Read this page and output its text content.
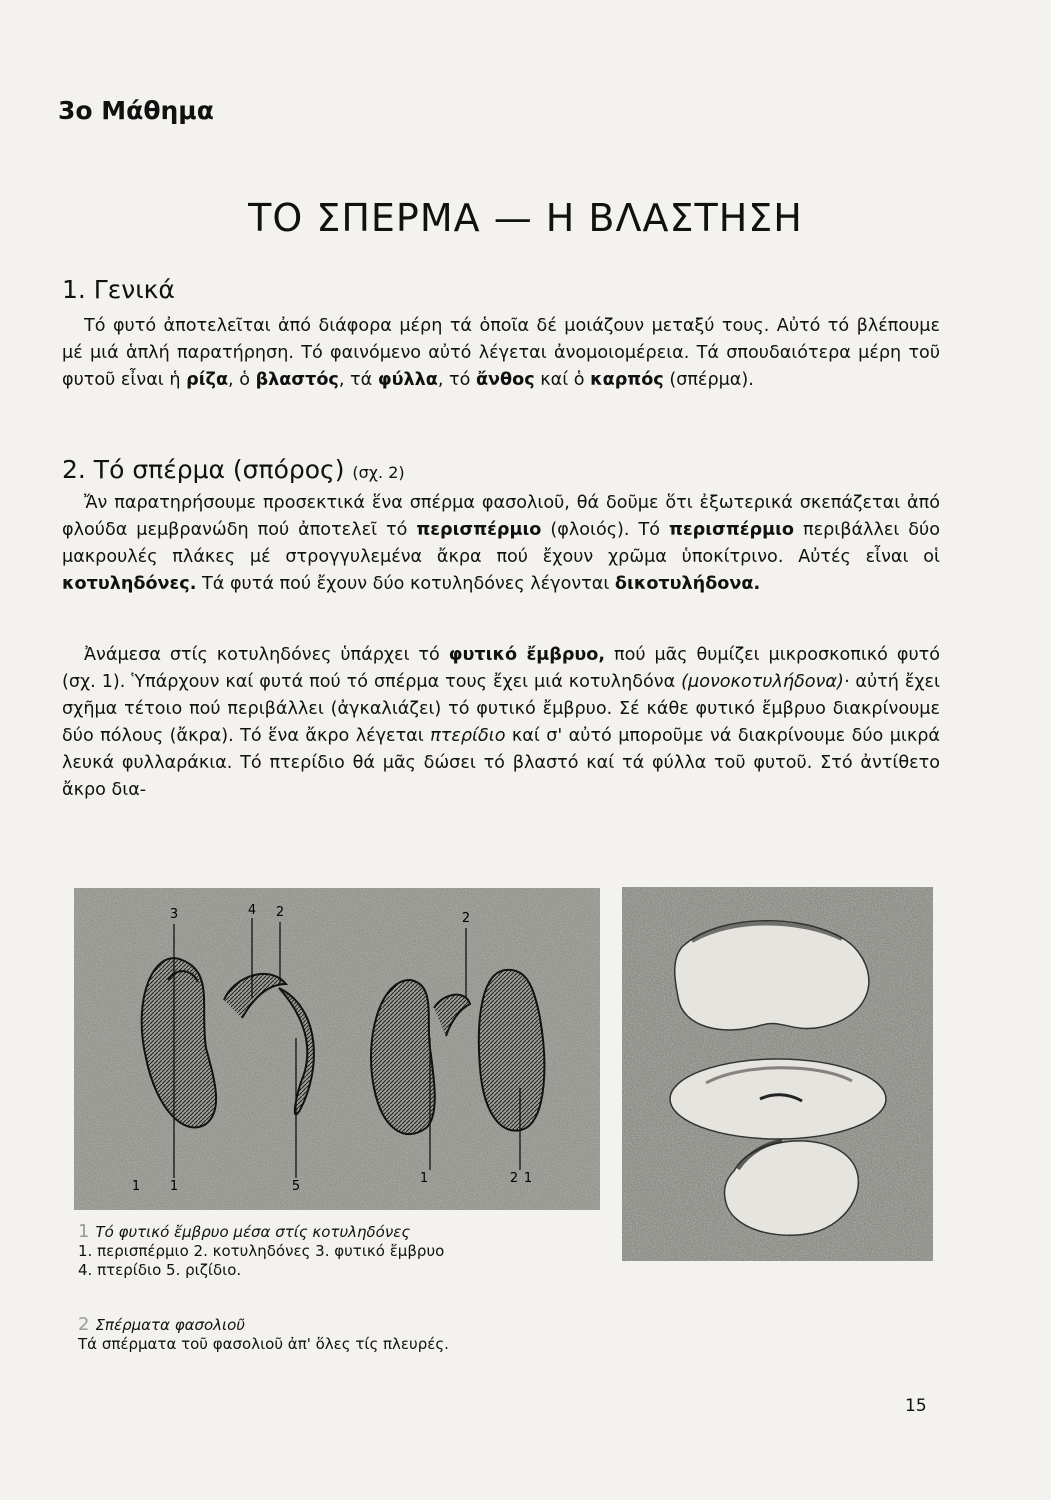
3ο Μάθημα
ΤΟ ΣΠΕΡΜΑ — Η ΒΛΑΣΤΗΣΗ
1. Γενικά
Τό φυτό ἀποτελεῖται ἀπό διάφορα μέρη τά ὁποῖα δέ μοιάζουν μεταξύ τους. Αὐτό τό βλέπουμε μέ μιά ἁπλή παρατήρηση. Τό φαινόμενο αὐτό λέγεται ἀνομοιομέρεια. Τά σπουδαιότερα μέρη τοῦ φυτοῦ εἶναι ἡ ρίζα, ὁ βλαστός, τά φύλλα, τό ἄνθος καί ὁ καρπός (σπέρμα).
2. Τό σπέρμα (σπόρος) (σχ. 2)
Ἄν παρατηρήσουμε προσεκτικά ἕνα σπέρμα φασολιοῦ, θά δοῦμε ὅτι ἐξωτερικά σκεπάζεται ἀπό φλούδα μεμβρανώδη πού ἀποτελεῖ τό περισπέρμιο (φλοιός). Τό περισπέρμιο περιβάλλει δύο μακρουλές πλάκες μέ στρογγυλεμένα ἄκρα πού ἔχουν χρῶμα ὑποκίτρινο. Αὐτές εἶναι οἱ κοτυληδόνες. Τά φυτά πού ἔχουν δύο κοτυληδόνες λέγονται δικοτυλήδονα.
Ἀνάμεσα στίς κοτυληδόνες ὑπάρχει τό φυτικό ἔμβρυο, πού μᾶς θυμίζει μικροσκοπικό φυτό (σχ. 1). Ὑπάρχουν καί φυτά πού τό σπέρμα τους ἔχει μιά κοτυληδόνα (μονοκοτυλήδονα)· αὐτή ἔχει σχῆμα τέτοιο πού περιβάλλει (ἀγκαλιάζει) τό φυτικό ἔμβρυο. Σέ κάθε φυτικό ἔμβρυο διακρίνουμε δύο πόλους (ἄκρα). Τό ἕνα ἄκρο λέγεται πτερίδιο καί σ' αὐτό μποροῦμε νά διακρίνουμε δύο μικρά λευκά φυλλαράκια. Τό πτερίδιο θά μᾶς δώσει τό βλαστό καί τά φύλλα τοῦ φυτοῦ. Στό ἀντίθετο ἄκρο δια-
3	4 2
1
1	5
2
1	2 1
1 Τό φυτικό ἔμβρυο μέσα στίς κοτυληδόνες
1. περισπέρμιο 2. κοτυληδόνες 3. φυτικό ἔμβρυο
4. πτερίδιο 5. ριζίδιο.
2 Σπέρματα φασολιοῦ
Τά σπέρματα τοῦ φασολιοῦ ἀπ' ὅλες τίς πλευρές.
15
